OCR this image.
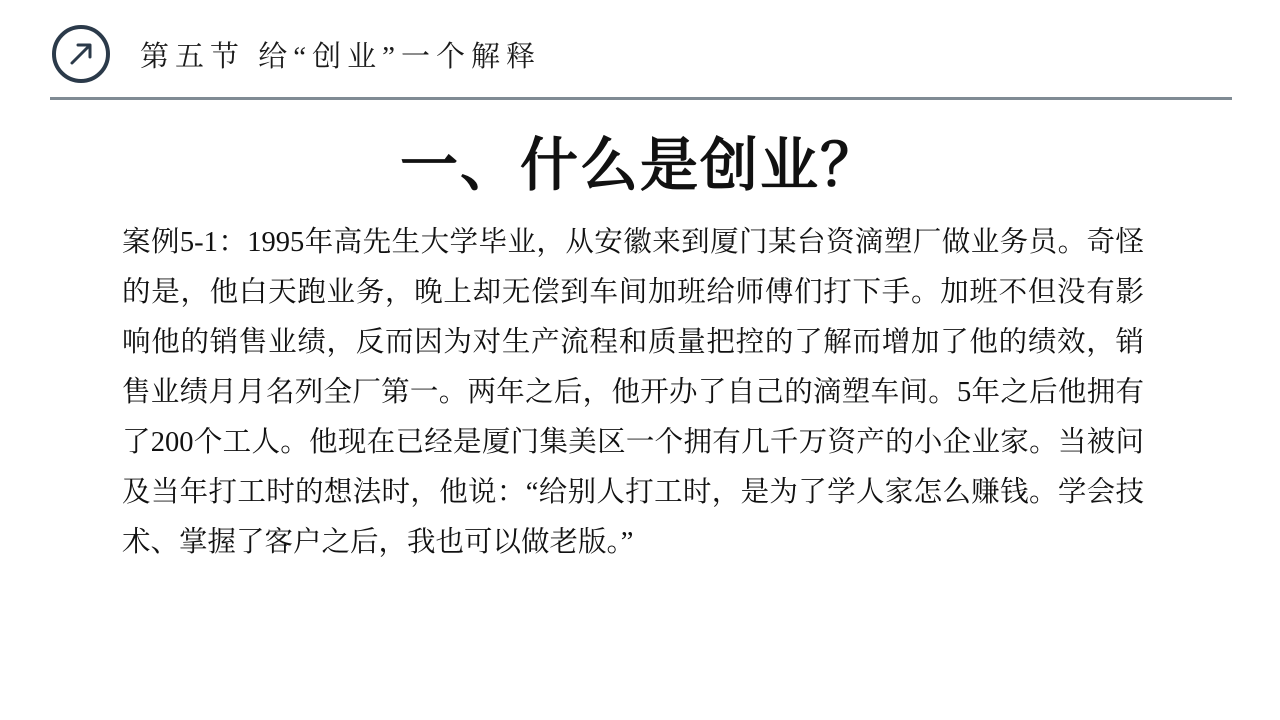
第五节 给“创业”一个解释
一、什么是创业？

案例5-1：1995年高先生大学毕业，从安徽来到厦门某台资滴塑厂做业务员。奇怪的是，他白天跑业务，晚上却无偿到车间加班给师傅们打下手。加班不但没有影响他的销售业绩，反而因为对生产流程和质量把控的了解而增加了他的绩效，销售业绩月月名列全厂第一。两年之后，他开办了自己的滴塑车间。5年之后他拥有了200个工人。他现在已经是厦门集美区一个拥有几千万资产的小企业家。当被问及当年打工时的想法时，他说：“给别人打工时，是为了学人家怎么赚钱。学会技术、掌握了客户之后，我也可以做老版。”
